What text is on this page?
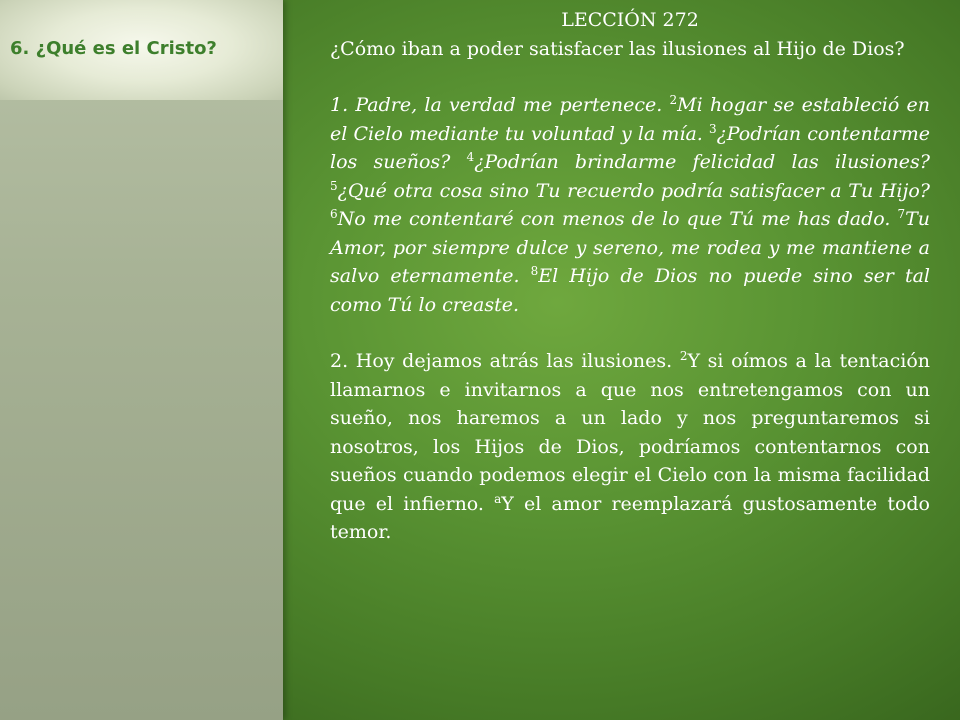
6. ¿Qué es el Cristo?

LECCIÓN 272

¿Cómo iban a poder satisfacer las ilusiones al Hijo de Dios?

1. Padre, la verdad me pertenece. $^2$Mi hogar se estableció en el Cielo mediante tu voluntad y la mía. $^3$¿Podrían contentarme los sueños? $^4$¿Podrían brindarme felicidad las ilusiones? $^5$¿Qué otra cosa sino Tu recuerdo podría satisfacer a Tu Hijo? $^6$No me contentaré con menos de lo que Tú me has dado. $^7$Tu Amor, por siempre dulce y sereno, me rodea y me mantiene a salvo eternamente. $^8$El Hijo de Dios no puede sino ser tal como Tú lo creaste.

2. Hoy dejamos atrás las ilusiones. $^2$Y si oímos a la tentación llamarnos e invitarnos a que nos entretengamos con un sueño, nos haremos a un lado y nos preguntaremos si nosotros, los Hijos de Dios, podríamos contentarnos con sueños cuando podemos elegir el Cielo con la misma facilidad que el infierno. $^a$Y el amor reemplazará gustosamente todo temor.
